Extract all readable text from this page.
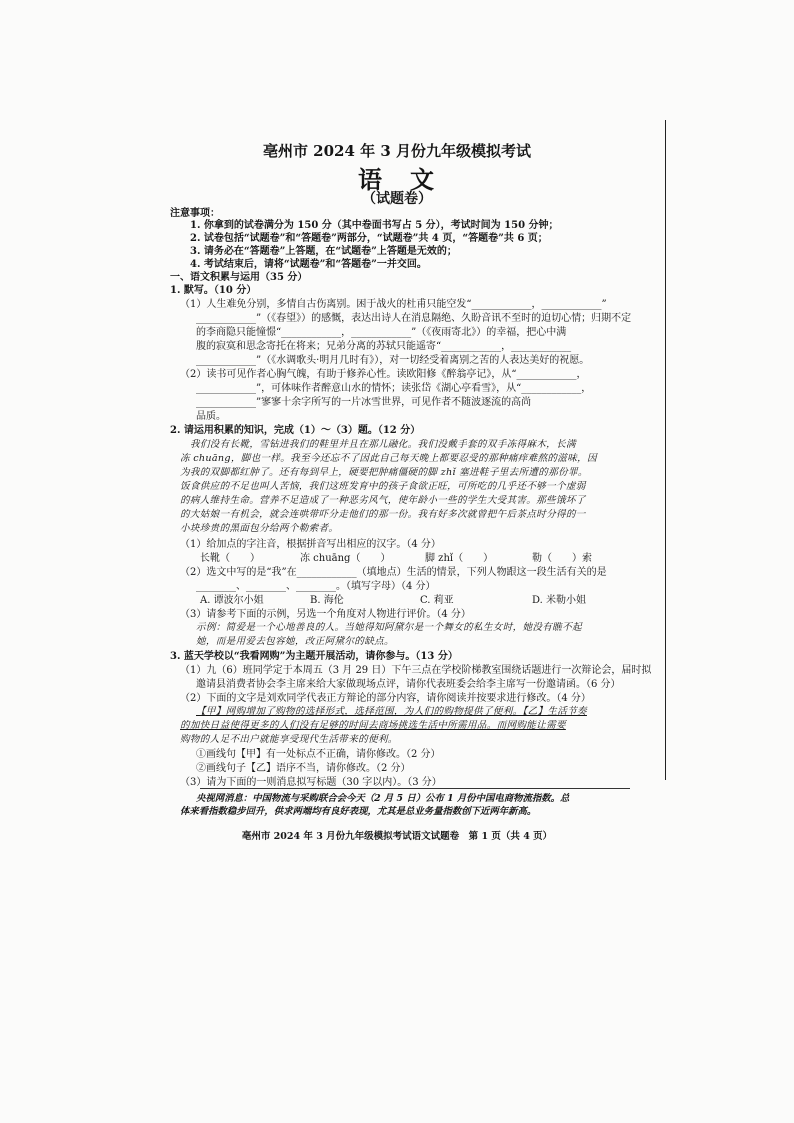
亳州市 2024 年 3 月份九年级模拟考试
语　文
（试题卷）
注意事项：
1. 你拿到的试卷满分为 150 分（其中卷面书写占 5 分），考试时间为 150 分钟；
2. 试卷包括“试题卷”和“答题卷”两部分，“试题卷”共 4 页，“答题卷”共 6 页；
3. 请务必在“答题卷”上答题，在“试题卷”上答题是无效的；
4. 考试结束后，请将“试题卷”和“答题卷”一并交回。
一、语文积累与运用（35 分）
1. 默写。（10 分）
（1）人生难免分别，多情自古伤离别。困于战火的杜甫只能空发“____________，____________”
____________”（《春望》）的感慨，表达出诗人在消息隔绝、久盼音讯不至时的迫切心情；归期不定
的李商隐只能憧憬“____________，____________”（《夜雨寄北》）的幸福，把心中满
腹的寂寞和思念寄托在将来；兄弟分离的苏轼只能遥寄“____________，____________
____________”（《水调歌头·明月几时有》），对一切经受着离别之苦的人表达美好的祝愿。
（2）读书可见作者心胸气魄，有助于修养心性。读欧阳修《醉翁亭记》，从“____________，
____________”，可体味作者醉意山水的情怀；读张岱《湖心亭看雪》，从“____________，
____________”寥寥十余字所写的一片冰雪世界，可见作者不随波逐流的高尚
品质。
2. 请运用积累的知识，完成（1）～（3）题。（12 分）
我们没有长靴，雪钻进我们的鞋里并且在那儿融化。我们没戴手套的双手冻得麻木，长满
冻 chuāng，脚也一样。我至今还忘不了因此自己每天晚上都要忍受的那种痛痒难熬的滋味，因
为我的双脚都红肿了。还有每到早上，硬要把肿痛僵硬的脚 zhǐ 塞进鞋子里去所遭的那份罪。
饭食供应的不足也叫人苦恼，我们这班发育中的孩子食欲正旺，可所吃的几乎还不够一个虚弱
的病人维持生命。营养不足造成了一种恶劣风气，使年龄小一些的学生大受其害。那些饿坏了
的大姑娘一有机会，就会连哄带吓分走他们的那一份。我有好多次就曾把午后茶点时分得的一
小块珍贵的黑面包分给两个勒索者。
（1）给加点的字注音，根据拼音写出相应的汉字。（4 分）
长靴（　　）	冻 chuāng（　　）	脚 zhǐ（　　）	勒（　　）索
（2）选文中写的是“我”在____________（填地点）生活的情景，下列人物跟这一段生活有关的是
________、________、________。（填写字母）（4 分）
A. 谭波尔小姐	B. 海伦	C. 莉亚	D. 米勒小姐
（3）请参考下面的示例，另选一个角度对人物进行评价。（4 分）
示例：简爱是一个心地善良的人。当她得知阿黛尔是一个舞女的私生女时，她没有瞧不起
她，而是用爱去包容她，改正阿黛尔的缺点。
3. 蓝天学校以“我看网购”为主题开展活动，请你参与。（13 分）
（1）九（6）班同学定于本周五（3 月 29 日）下午三点在学校阶梯教室围绕话题进行一次辩论会，届时拟
邀请县消费者协会李主席来给大家做现场点评，请你代表班委会给李主席写一份邀请函。（6 分）
（2）下面的文字是刘欢同学代表正方辩论的部分内容，请你阅读并按要求进行修改。（4 分）
【甲】网购增加了购物的选择形式，选择范围，为人们的购物提供了便利。【乙】生活节奏
的加快日益使得更多的人们没有足够的时间去商场挑选生活中所需用品。而网购能让需要
购物的人足不出户就能享受现代生活带来的便利。
①画线句【甲】有一处标点不正确，请你修改。（2 分）
②画线句子【乙】语序不当，请你修改。（2 分）
（3）请为下面的一则消息拟写标题（30 字以内）。（3 分）
央视网消息：中国物流与采购联合会今天（2 月 5 日）公布 1 月份中国电商物流指数。总
体来看指数稳步回升，供求两端均有良好表现，尤其是总业务量指数创下近两年新高。
亳州市 2024 年 3 月份九年级模拟考试语文试题卷　第 1 页（共 4 页）
